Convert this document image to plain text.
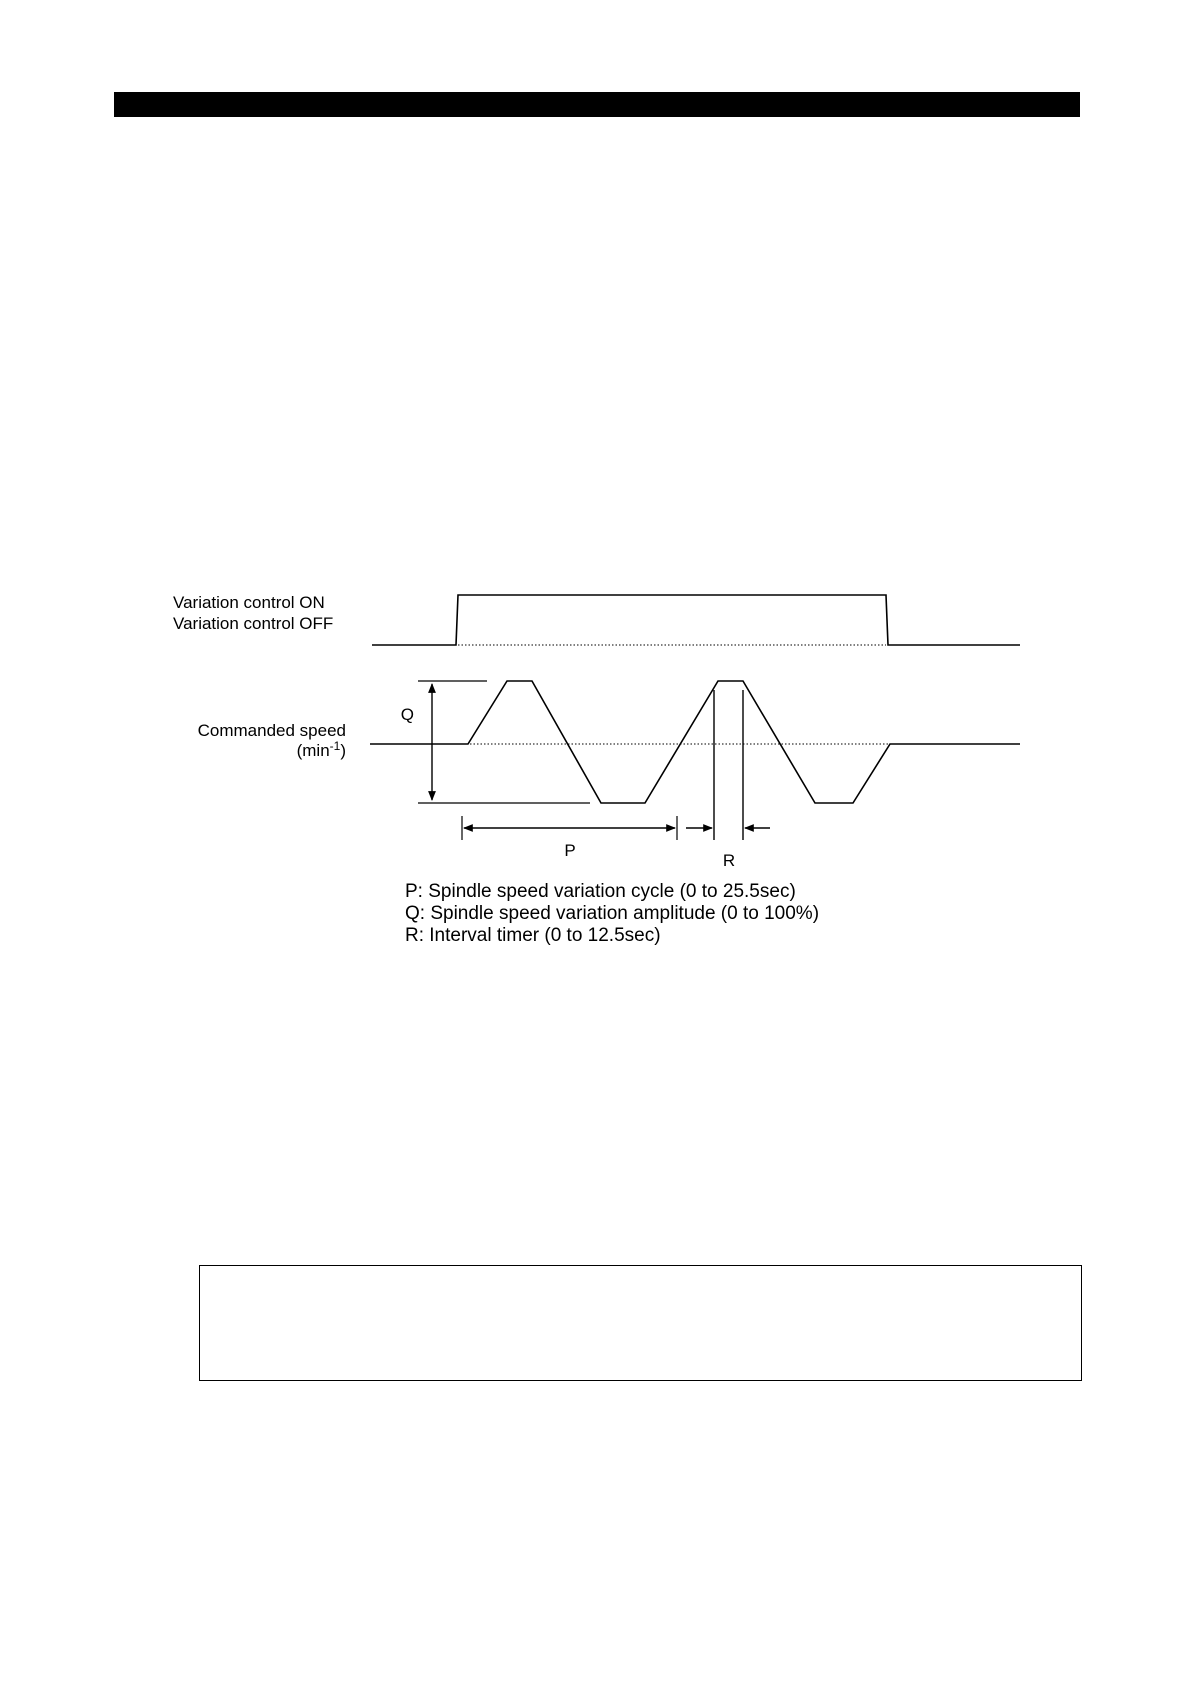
Variation control ON
Variation control OFF
Commanded speed
$(\min^{-1})$
Q
P
R
P: Spindle speed variation cycle (0 to 25.5sec)
Q: Spindle speed variation amplitude (0 to 100%)
R: Interval timer (0 to 12.5sec)
